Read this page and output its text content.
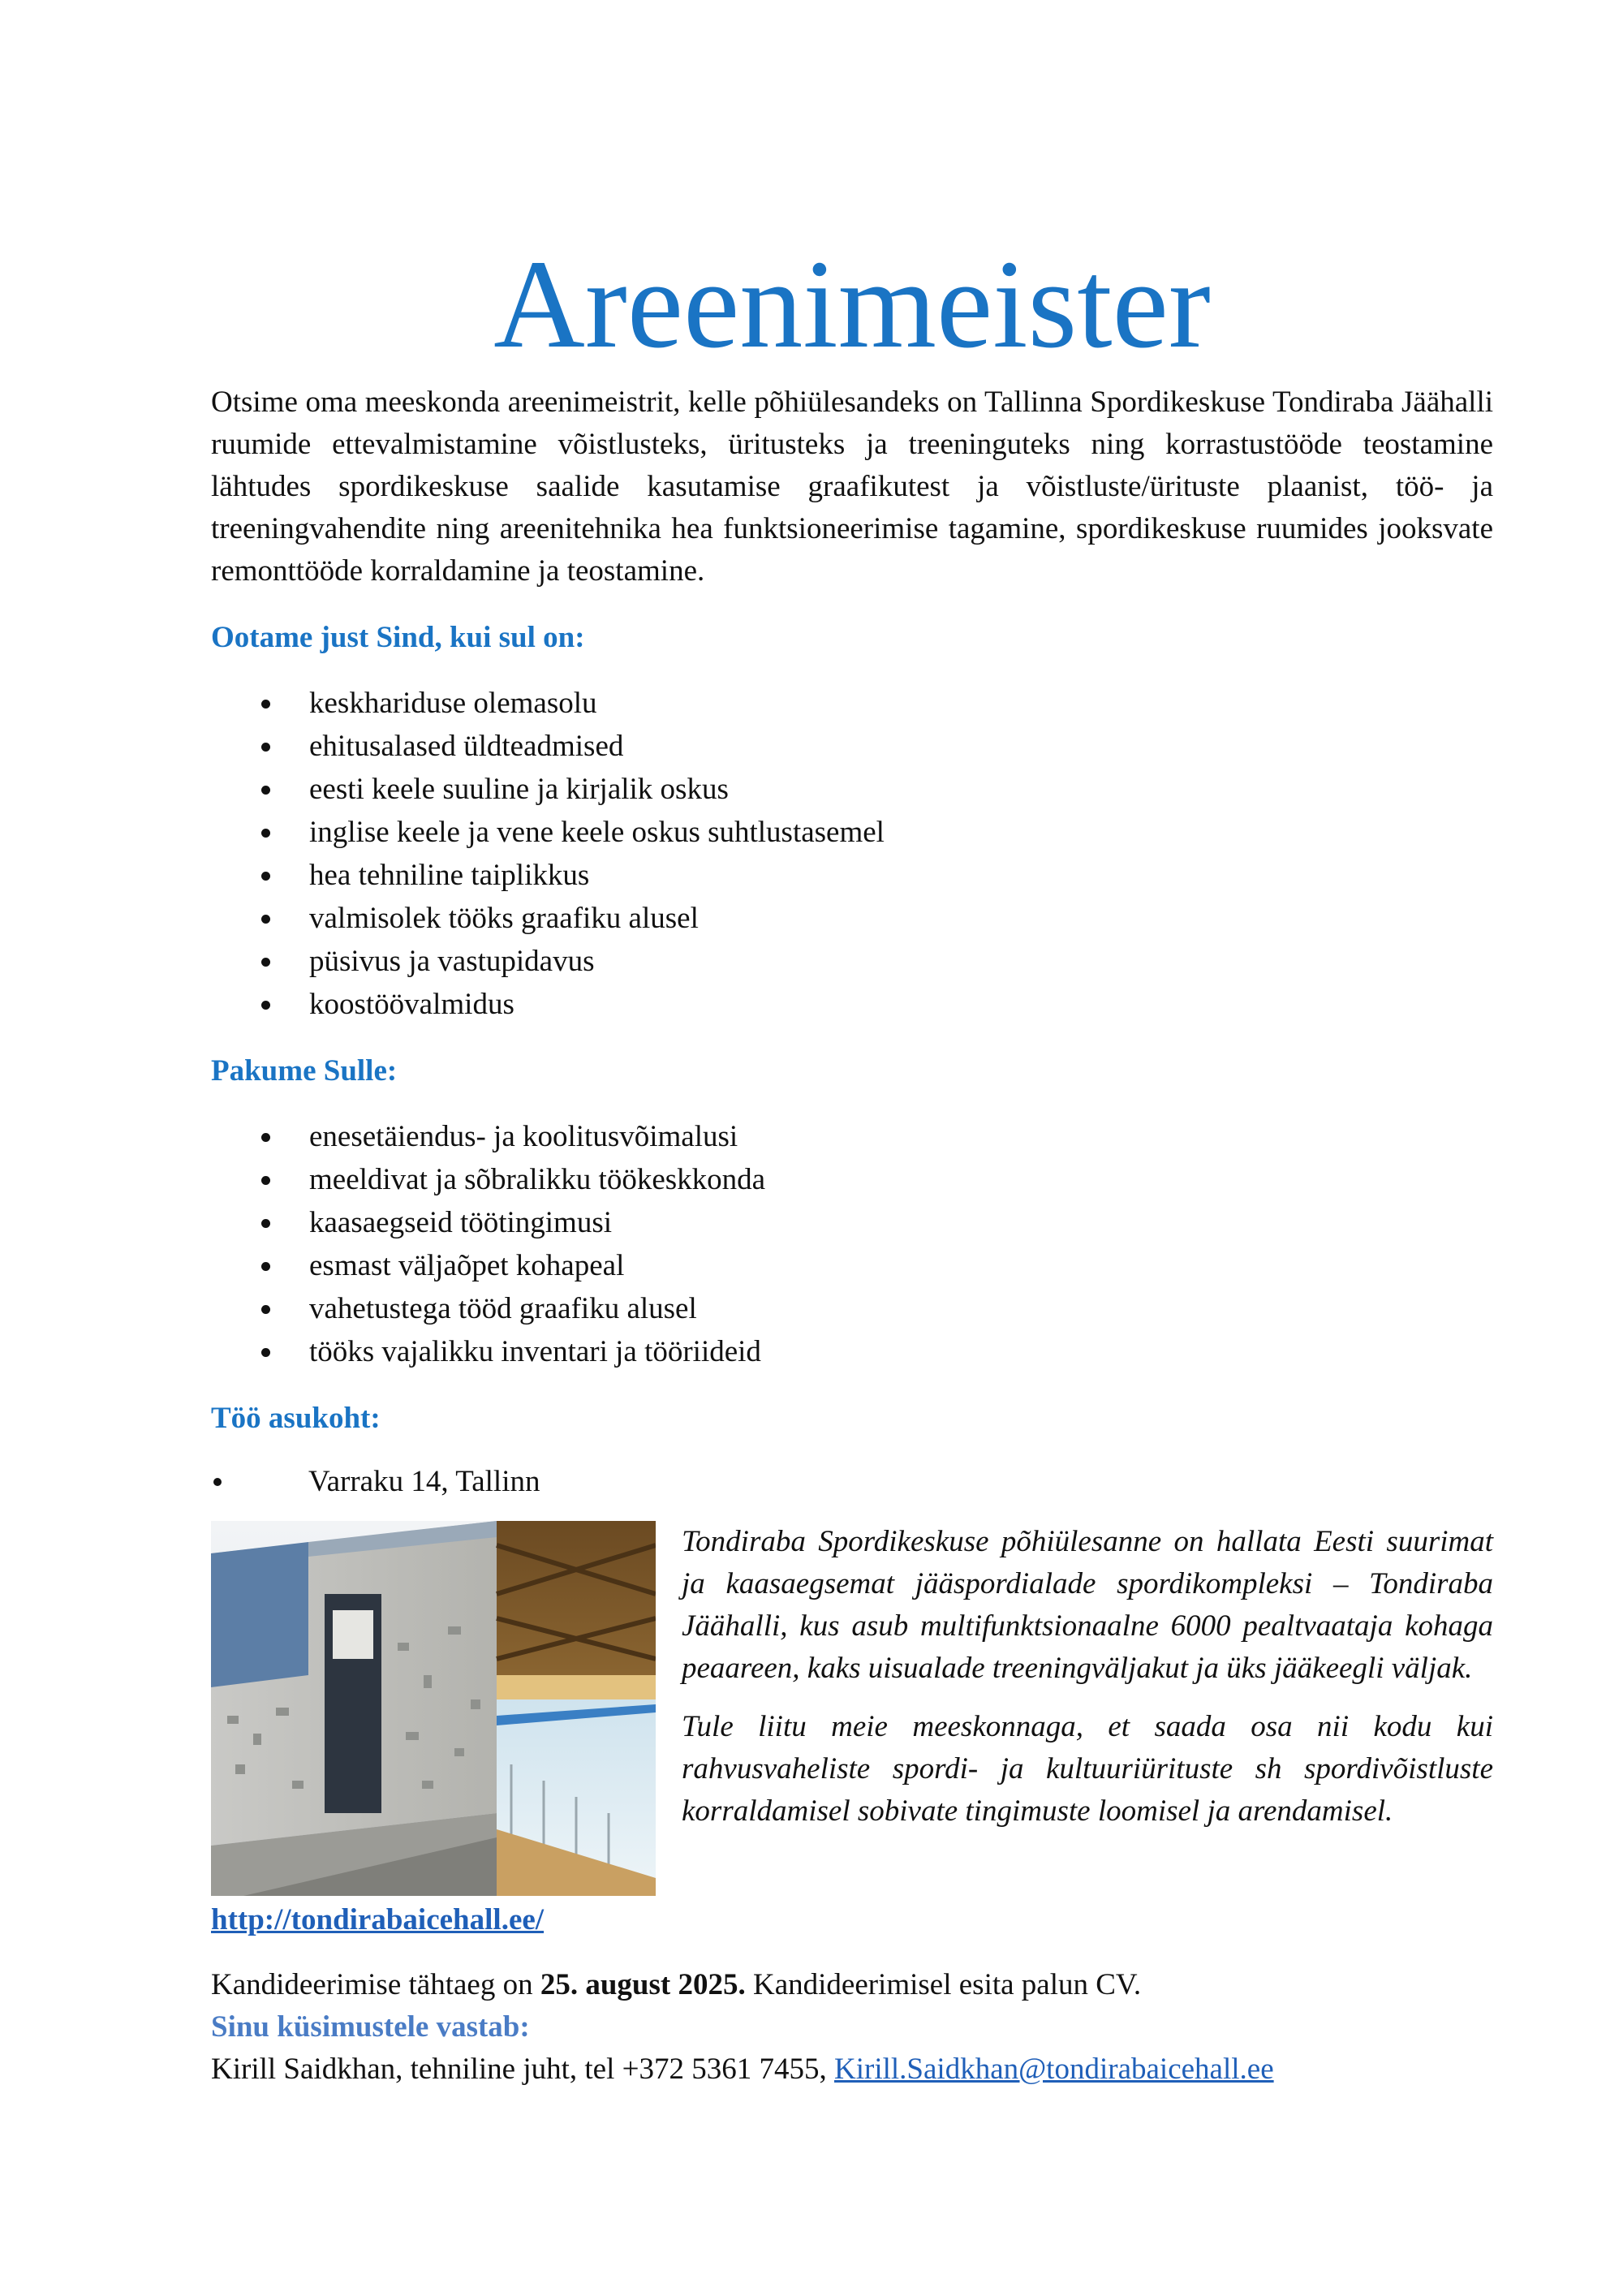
Areenimeister

Otsime oma meeskonda areenimeistrit, kelle põhiülesandeks on Tallinna Spordikeskuse Tondiraba Jäähalli ruumide ettevalmistamine võistlusteks, üritusteks ja treeninguteks ning korrastustööde teostamine lähtudes spordikeskuse saalide kasutamise graafikutest ja võistluste/ürituste plaanist, töö- ja treeningvahendite ning areenitehnika hea funktsioneerimise tagamine, spordikeskuse ruumides jooksvate remonttööde korraldamine ja teostamine.

Ootame just Sind, kui sul on:
keskhariduse olemasolu
ehitusalased üldteadmised
eesti keele suuline ja kirjalik oskus
inglise keele ja vene keele oskus suhtlustasemel
hea tehniline taiplikkus
valmisolek tööks graafiku alusel
püsivus ja vastupidavus
koostöövalmidus
Pakume Sulle:
enesetäiendus- ja koolitusvõimalusi
meeldivat ja sõbralikku töökeskkonda
kaasaegseid töötingimusi
esmast väljaõpet kohapeal
vahetustega tööd graafiku alusel
tööks vajalikku inventari ja tööriideid
Töö asukoht:
Varraku 14, Tallinn

Tondiraba Spordikeskuse põhiülesanne on hallata Eesti suurimat ja kaasaegsemat jääspordialade spordikompleksi – Tondiraba Jäähalli, kus asub multifunktsionaalne 6000 pealtvaataja kohaga peaareen, kaks uisualade treeningväljakut ja üks jääkeegli väljak.

Tule liitu meie meeskonnaga, et saada osa nii kodu kui rahvusvaheliste spordi- ja kultuuriürituste sh spordivõistluste korraldamisel sobivate tingimuste loomisel ja arendamisel.

http://tondirabaicehall.ee/
Kandideerimise tähtaeg on 25. august 2025. Kandideerimisel esita palun CV.
Sinu küsimustele vastab:
Kirill Saidkhan, tehniline juht, tel +372 5361 7455, Kirill.Saidkhan@tondirabaicehall.ee
